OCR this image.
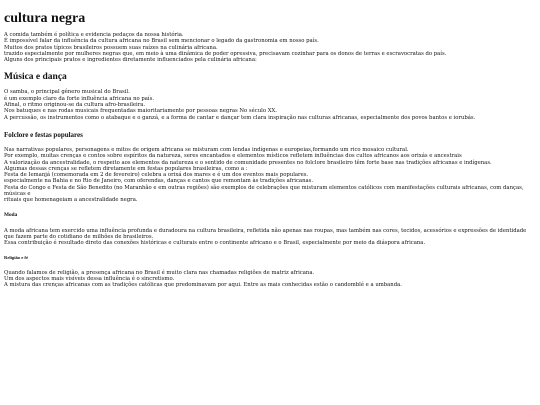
cultura negra

A comida também é política e evidencia pedaços da nossa história.
É impossível falar da influência da cultura africana no Brasil sem mencionar o legado da gastronomia em nosso país.
Muitos dos pratos típicos brasileiros possuem suas raízes na culinária africana.
trazido especialmente por mulheres negras que, em meio à uma dinâmica de poder opressiva, precisavam cozinhar para os donos de terras e escravocratas do país.
Alguns dos principais pratos e ingredientes diretamente influenciados pela culinária africana:

Música e dança

O samba, o principal gênero musical do Brasil.
é um exemplo claro da forte influência africana no país.
Afinal, o ritmo originou-se da cultura afro-brasileira.
Nos batuques e nas rodas musicais frequentadas maioritariamente por pessoas negras No século XX.
A percussão, os instrumentos como o atabaque e o ganzá, e a forma de cantar e dançar tem clara inspiração nas culturas africanas, especialmente dos povos bantos e iorubás.

Folclore e festas populares

Nas narrativas populares, personagens e mitos de origem africana se misturam com lendas indígenas e europeias,formando um rico mosaico cultural.
Por exemplo, muitas crenças e contos sobre espíritos da natureza, seres encantados e elementos místicos refletem influências dos cultos africanos aos orixás e ancestrais
A valorização da ancestralidade, o respeito aos elementos da natureza e o sentido de comunidade presentes no folclore brasileiro têm forte base nas tradições africanas e indígenas.
Algumas dessas crenças se refletem diretamente em festas populares brasileiras, como a :
Festa de Iemanjá (comemorada em 2 de fevereiro) celebra a orixá dos mares e é um dos eventos mais populares.
especialmente na Bahia e no Rio de Janeiro, com oferendas, danças e cantos que remontam às tradições africanas.
Festa do Congo e Festa de São Benedito (no Maranhão e em outras regiões) são exemplos de celebrações que misturam elementos católicos com manifestações culturais africanas, com danças, músicas e
rituais que homenageiam a ancestralidade negra.

Moda

A moda africana tem exercido uma influência profunda e duradoura na cultura brasileira, refletida não apenas nas roupas, mas também nas cores, tecidos, acessórios e expressões de identidade que fazem parte do cotidiano de milhões de brasileiros.
Essa contribuição é resultado direto das conexões históricas e culturais entre o continente africano e o Brasil, especialmente por meio da diáspora africana.

Religião e fé

Quando falamos de religião, a presença africana no Brasil é muito clara nas chamadas religiões de matriz africana.
Um dos aspectos mais visíveis dessa influência é o sincretismo.
A mistura das crenças africanas com as tradições católicas que predominavam por aqui. Entre as mais conhecidas estão o candomblé e a umbanda.
